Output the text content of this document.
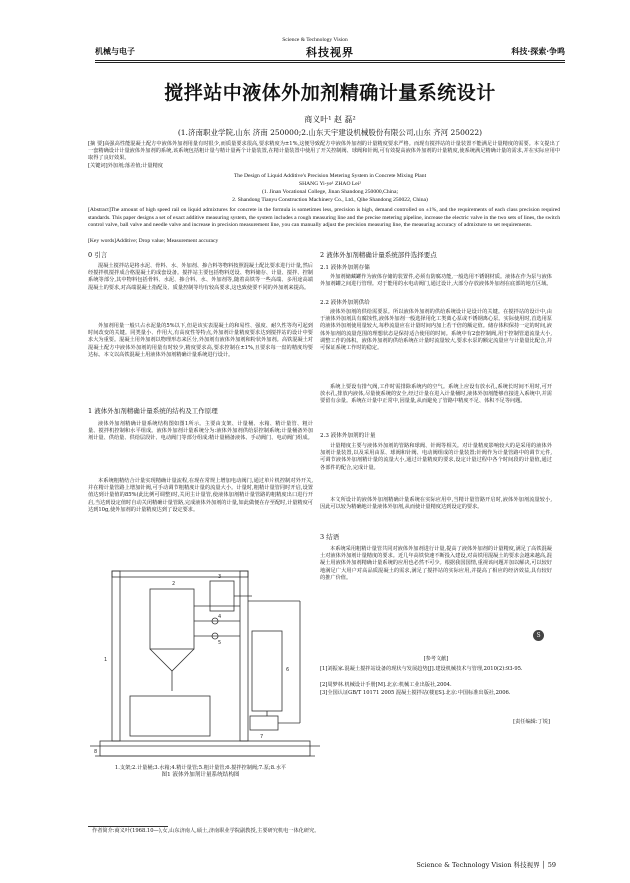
Science & Technology Vision
机械与电子	科技视界	科技·探索·争鸣
搅拌站中液体外加剂精确计量系统设计
商义叶¹ 赵 磊²
(1.济南职业学院,山东 济南 250000;2.山东天宇建设机械股份有限公司,山东 齐河 250022)
[摘 要]高强高性能混凝土配方中液体外加剂用量有时很少,而质量要求很高,要求精度为±1%,这便导致配方中液体外加剂的计量精度要求严格。而现有搅拌站的计量装置不能满足计量精度的需要。本文提出了一套精确设计计量液体外加剂的系统,该系统包括粗计量与精计量两个计量装置,在精计量装置中使用了开关控制阀、球阀和针阀,可有效提高液体外加剂的计量精度,使系统满足精确计量的需求,并在实际应用中取得了良好效果。
[关键词]外加剂;落差值;计量精度
The Design of Liquid Additive's Precision Metering System in Concrete Mixing Plant
SHANG Yi-ye¹ ZHAO Lei²
(1. Jinan Vocational College, Jinan Shandong 250000,China;
2. Shandong Tianyu Construction Machinery Co., Ltd., Qihe Shandong 250022, China)
[Abstract]The amount of high speed rail on liquid admixtures for concrete in the formula is sometimes less, precision is high, demand controlled on ±1%, and the requirements of each class precision required standards. This paper designs a set of exact additive measuring system, the system includes a rough measuring line and the precise metering pipeline, increase the electric valve in the two sets of lines, the switch control valve, ball valve and needle valve and increase in precision measurement line, you can manually adjust the precision measuring line, the measuring accuracy of admixture to set requirements.
[Key words]Additive; Drop value; Measurement accuracy
0 引言
混凝土搅拌站是将水泥、骨料、水、外加剂、掺合料等物料按照混凝土配比要求进行计量,然后经搅拌机搅拌成合格混凝土的成套设备。搅拌站主要包括物料送设、物料储存、计量、搅拌、控制系统等部分,其中物料包括骨料、水泥、掺合料、水、外加剂等,随着高铁等一些高端、多用途高端混凝土的要求,对高端混凝土指配及、质量控制等均有较高要求,这也致使要不同的外加剂来提高。
外加剂用量一般只占水泥量的5%以下,但是该实表混凝土的和易性、强度、耐久性等均可起到时间改变的关键。同类量小、作用大,有高度性等特点,外加剂计量精度要求达到搅拌站的设计中要求大为重要。混凝土用外加剂以物理形态来区分,外加剂有液体外加剂和粉状外加剂。高铁混凝土对混凝土配方中液体外加剂的用量有时较少,精度要求高,要求控制在±1%,且要求每一盘的精度均要达标。本文以高铁混凝土用液体外加剂精确计量系统进行设计。
1 液体外加剂精确计量系统的结构及工作原理
液体外加剂精确计量系统结构图如图1所示。主要由支架、计量桶、水箱、精计量管、粗计量、搅拌机控制和水平组成。液体外加剂计量系统分为:液体外加剂供给泵控制系统;计量桶备外加剂计量、供给量、供给层段针、电动阀门等部分组成;精计量桶备液体、手动阀门、电动阀门组成。
本系统粗精结合计量实现精确计量流程,在现在常规上增加电动阀门,通过单片机控制对外开关,并在精计量管路上增加针阀,可手动调节粗精度计量的流量大小。计量时,粗精计量管同时开启,设置值达到计量值的85%(此比例可调整)时,关闭主计量管,使液体加剂精计量管路的粗精度出口进行开启,当达到设定值时自动关闭精确计量管路,完成液体外加剂的计量,如此做便在存至配时,计量精度可达到10g,使外加剂的计量精度达到了设定要求。
1
2
3
4
5
6
7
8
1.支架;2.计量桶;3.水箱;4.精计量管;5.粗计量管;6.搅拌控制阀;7.泵;8.水平
图1 液体外加剂计量系统结构图
2 液体外加剂精确计量系统部件选择要点
2.1 液体外加剂存储
外加剂储藏罐作为液体存储的装置件,必须有防腐功能,一般选用不锈钢材质。液体在作为泵与液体外加剂罐之间进行管理。对于能用的水电动阀门,通过设计,大部分存放液体外加剂在底部的地方区域。
2.2 液体外加剂供给
液体外加剂的供给需要泵。所以液体外加剂的供给系统设计是设计的关键。在搅拌站的设计中,由于液体外加剂具有腐蚀性,液体外加剂一般选择用化工类离心泵或不锈钢离心泵。实际使用时,首选用泵的液体外加剂使用量较大,每秒流量应在计量时间内加上若干倍的额定值。储存体积保持一定的时间,液体外加剂的流量范围的理想状态是保持适合使用的时间。系统中有2套控制阀,用于控制管道流量大小,调整工作的体积。液体外加剂的供给系统在计量时流量较大,要求水泵的额定流量应与计量量比配合,并可保证系统工作时的稳定。
系统上要设有排气阀,工作时需排除系统内的空气。系统上应设有放水孔,系统长时间不用时,可开放水孔,排放内液体,尽量使系统的安全,经过计量在进入计量桶时,液体外加剂能够直接进入系统中,并需要留有余量。系统在计量中正常中,因量量,从而避免了管路中精度不足、体积不足等问题。
2.3 液体外加剂的计量
计量精度主要与液体外加剂的管路和球阀、针阀等相关。对计量精度影响较大的是采用的液体外加剂计量装置,以及采用由泵、球阀和针阀、电动阀组成的计量装置;针阀作为计量管路中的调节元件,可调节液体外加剂精计量的流量大小,通过计量精度的要求,设定计量过程中各个时间段的计量值,通过各部件的配合,完成计量。
本文所设计的液体外加剂精确计量系统在实际应用中,当精计量管路开启时,液体外加剂流量较小,因此可以较为精确地计量液体外加剂,从而使计量精度达到设定的要求。
3 结语
本系统采用粗精计量管共同对液体外加剂进行计量,提高了液体外加剂的计量精度,满足了高铁混凝土对液体外加剂计量精度的要求。近几年高铁快速不断投入建设,对高铁用混凝土的要求会越来越高,混凝土用液体外加剂精确计量系统的应用也必然不可少。根据我国国情,重视该问题并加以解决,可以较好地满足广大用户对高品质混凝土的需求,满足了搅拌站的实际应用,并提高了相应的经济效益,具有较好的推广价值。
S
[参考文献]
[1]刘振家.混凝土搅拌站设备的现状与发展趋势[J].建设机械技术与管理,2010(2):93-95.
[2]周梦林.机械设计手册[M].北京:机械工业出版社,2004.
[3]全国认证GB/T 10171 2005 混凝土搅拌站(楼)[S].北京:中国标准出版社,2006.
[责任编辑:丁锐]
作者简介:商义叶(1968.10—),女,山东济南人,硕士,济南职业学院副教授,主要研究机电一体化研究。
Science & Technology Vision 科技视界 │ 59
